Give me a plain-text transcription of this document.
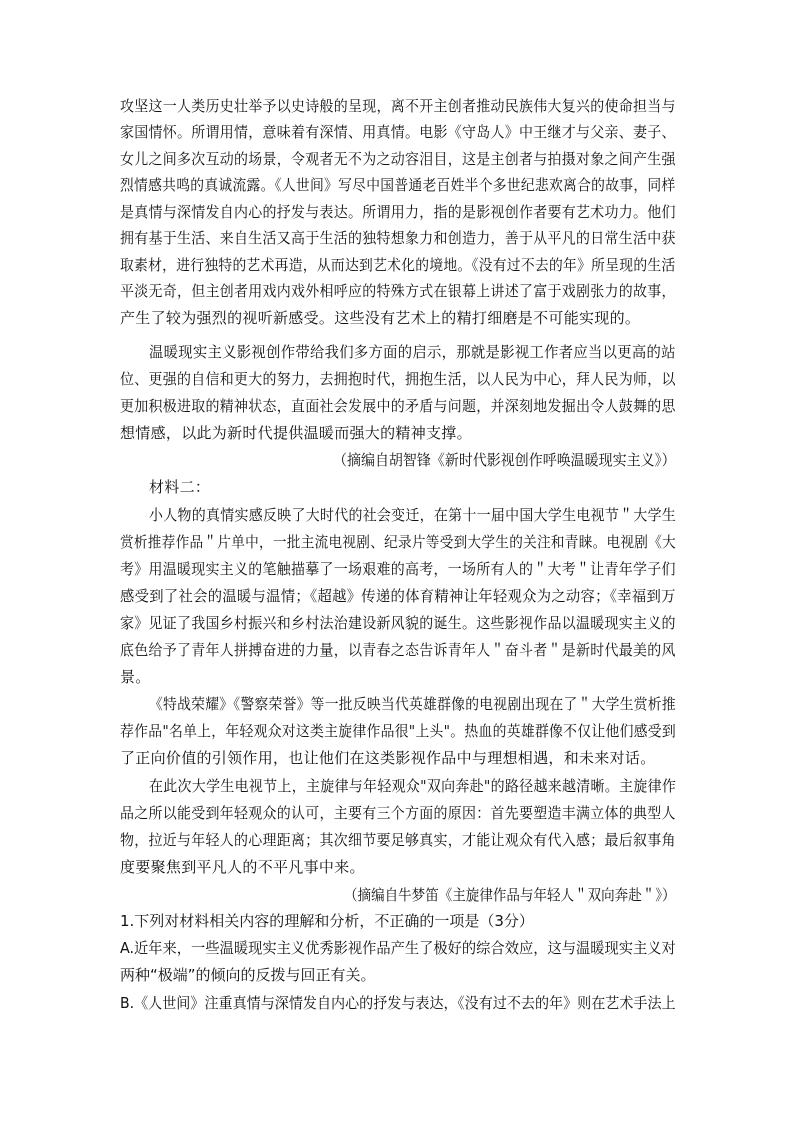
攻坚这一人类历史壮举予以史诗般的呈现，离不开主创者推动民族伟大复兴的使命担当与
家国情怀。所谓用情，意味着有深情、用真情。电影《守岛人》中王继才与父亲、妻子、
女儿之间多次互动的场景，令观者无不为之动容泪目，这是主创者与拍摄对象之间产生强
烈情感共鸣的真诚流露。《人世间》写尽中国普通老百姓半个多世纪悲欢离合的故事，同样
是真情与深情发自内心的抒发与表达。所谓用力，指的是影视创作者要有艺术功力。他们
拥有基于生活、来自生活又高于生活的独特想象力和创造力，善于从平凡的日常生活中获
取素材，进行独特的艺术再造，从而达到艺术化的境地。《没有过不去的年》所呈现的生活
平淡无奇，但主创者用戏内戏外相呼应的特殊方式在银幕上讲述了富于戏剧张力的故事，
产生了较为强烈的视听新感受。这些没有艺术上的精打细磨是不可能实现的。
温暖现实主义影视创作带给我们多方面的启示，那就是影视工作者应当以更高的站
位、更强的自信和更大的努力，去拥抱时代，拥抱生活，以人民为中心，拜人民为师，以
更加积极进取的精神状态，直面社会发展中的矛盾与问题，并深刻地发掘出令人鼓舞的思
想情感，以此为新时代提供温暖而强大的精神支撑。
（摘编自胡智锋《新时代影视创作呼唤温暖现实主义》）
材料二：
小人物的真情实感反映了大时代的社会变迁，在第十一届中国大学生电视节＂大学生
赏析推荐作品＂片单中，一批主流电视剧、纪录片等受到大学生的关注和青睐。电视剧《大
考》用温暖现实主义的笔触描摹了一场艰难的高考，一场所有人的＂大考＂让青年学子们
感受到了社会的温暖与温情；《超越》传递的体育精神让年轻观众为之动容；《幸福到万
家》见证了我国乡村振兴和乡村法治建设新风貌的诞生。这些影视作品以温暖现实主义的
底色给予了青年人拼搏奋进的力量，以青春之态告诉青年人＂奋斗者＂是新时代最美的风
景。
《特战荣耀》《警察荣誉》等一批反映当代英雄群像的电视剧出现在了＂大学生赏析推
荐作品"名单上，年轻观众对这类主旋律作品很"上头"。热血的英雄群像不仅让他们感受到
了正向价值的引领作用，也让他们在这类影视作品中与理想相遇，和未来对话。
在此次大学生电视节上，主旋律与年轻观众"双向奔赴"的路径越来越清晰。主旋律作
品之所以能受到年轻观众的认可，主要有三个方面的原因：首先要塑造丰满立体的典型人
物，拉近与年轻人的心理距离；其次细节要足够真实，才能让观众有代入感；最后叙事角
度要聚焦到平凡人的不平凡事中来。
（摘编自牛梦笛《主旋律作品与年轻人＂双向奔赴＂》）
1.下列对材料相关内容的理解和分析，不正确的一项是（3分）
A.近年来，一些温暖现实主义优秀影视作品产生了极好的综合效应，这与温暖现实主义对
两种“极端”的倾向的反拨与回正有关。
B.《人世间》注重真情与深情发自内心的抒发与表达，《没有过不去的年》则在艺术手法上
